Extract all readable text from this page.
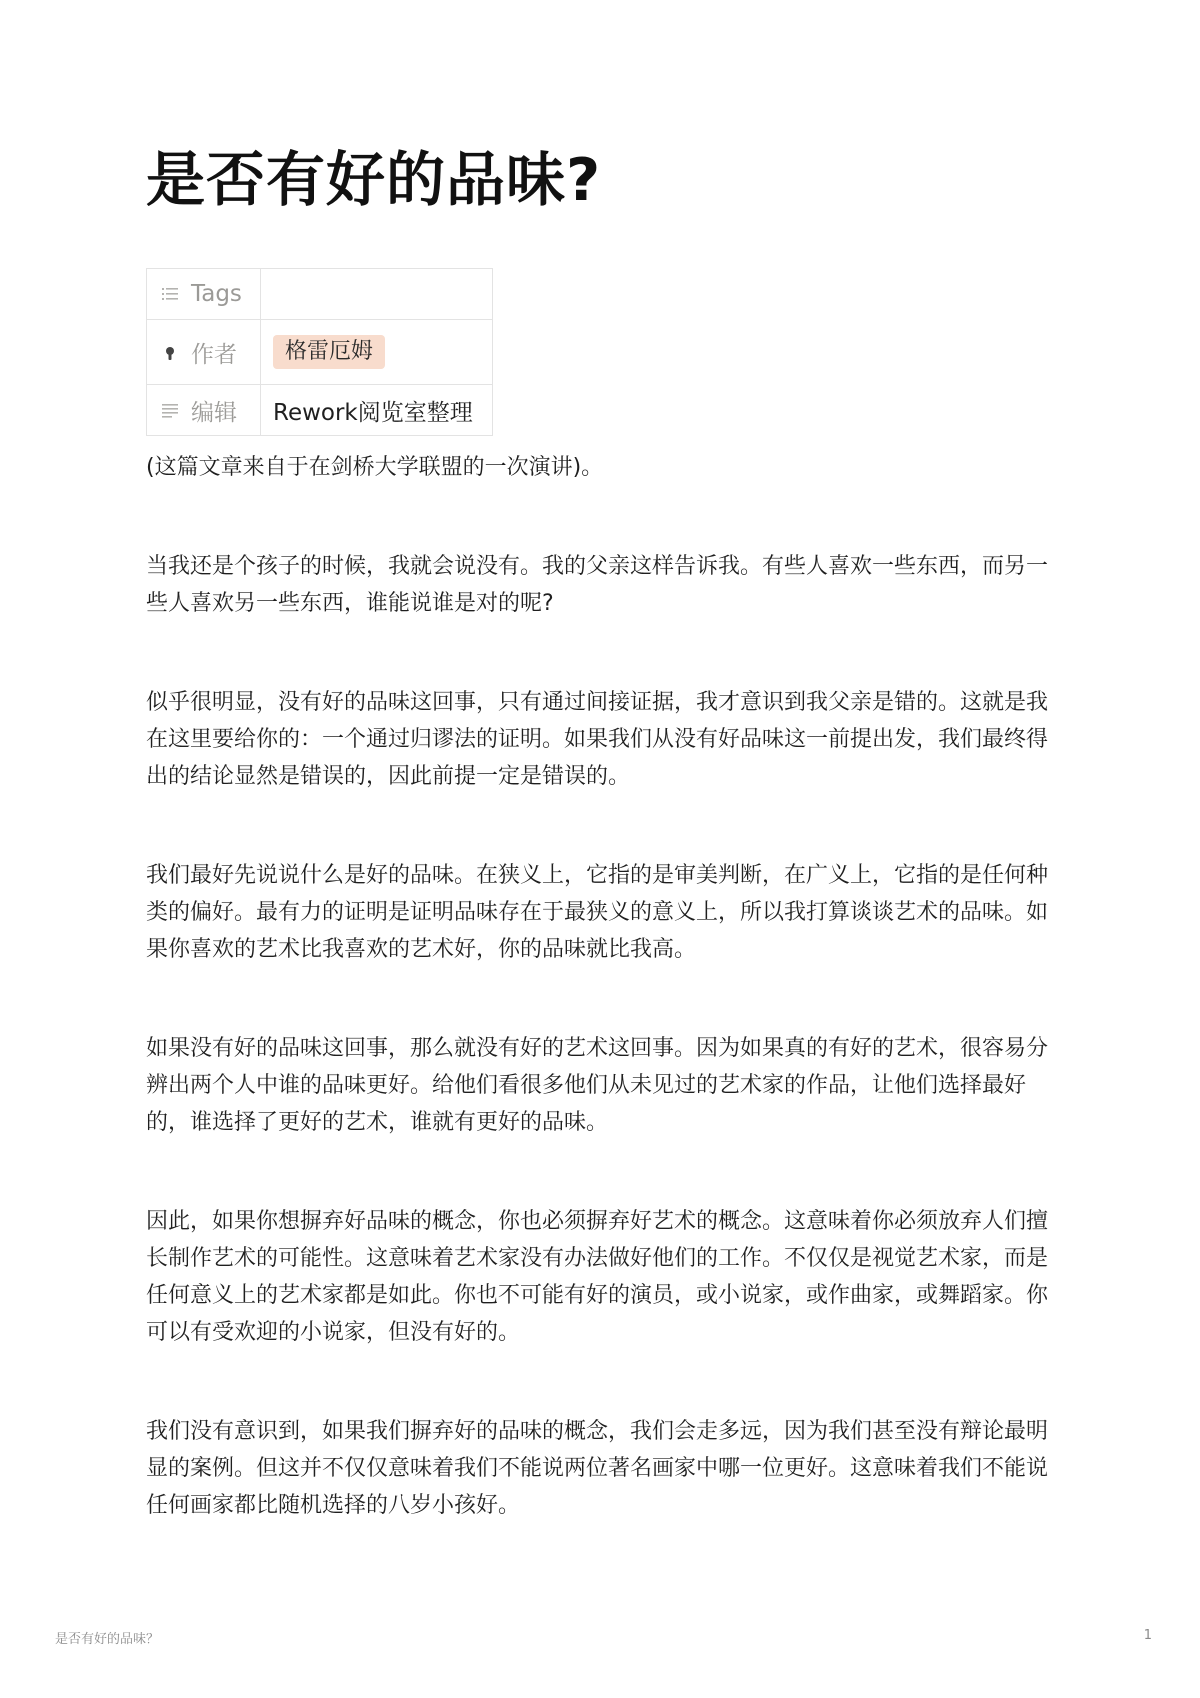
是否有好的品味?
Tags	

作者	格雷厄姆

编辑	Rework阅览室整理

(这篇文章来自于在剑桥大学联盟的一次演讲)。

当我还是个孩子的时候，我就会说没有。我的父亲这样告诉我。有些人喜欢一些东西，而另一些人喜欢另一些东西，谁能说谁是对的呢?

似乎很明显，没有好的品味这回事，只有通过间接证据，我才意识到我父亲是错的。这就是我在这里要给你的：一个通过归谬法的证明。如果我们从没有好品味这一前提出发，我们最终得出的结论显然是错误的，因此前提一定是错误的。

我们最好先说说什么是好的品味。在狭义上，它指的是审美判断，在广义上，它指的是任何种类的偏好。最有力的证明是证明品味存在于最狭义的意义上，所以我打算谈谈艺术的品味。如果你喜欢的艺术比我喜欢的艺术好，你的品味就比我高。

如果没有好的品味这回事，那么就没有好的艺术这回事。因为如果真的有好的艺术，很容易分辨出两个人中谁的品味更好。给他们看很多他们从未见过的艺术家的作品，让他们选择最好的，谁选择了更好的艺术，谁就有更好的品味。

因此，如果你想摒弃好品味的概念，你也必须摒弃好艺术的概念。这意味着你必须放弃人们擅长制作艺术的可能性。这意味着艺术家没有办法做好他们的工作。不仅仅是视觉艺术家，而是任何意义上的艺术家都是如此。你也不可能有好的演员，或小说家，或作曲家，或舞蹈家。你可以有受欢迎的小说家，但没有好的。

我们没有意识到，如果我们摒弃好的品味的概念，我们会走多远，因为我们甚至没有辩论最明显的案例。但这并不仅仅意味着我们不能说两位著名画家中哪一位更好。这意味着我们不能说任何画家都比随机选择的八岁小孩好。

是否有好的品味？	1
